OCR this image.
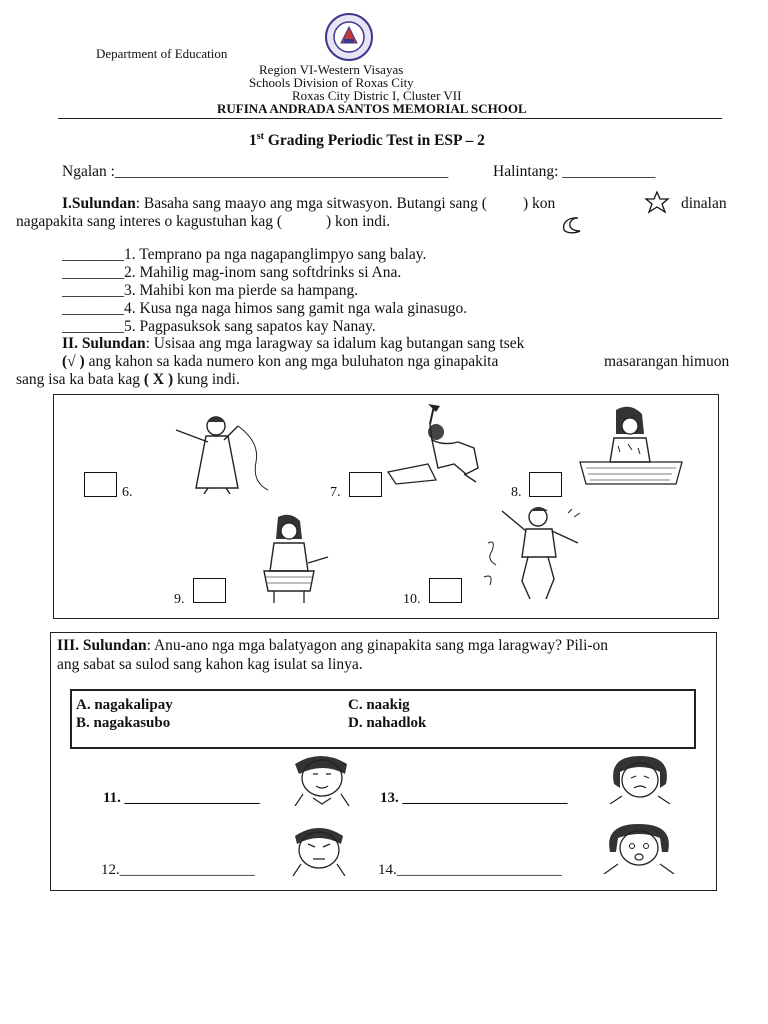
Department of Education
Region VI-Western Visayas
Schools Division of Roxas City
Roxas City Distric I, Cluster VII
RUFINA ANDRADA SANTOS MEMORIAL SCHOOL
1st Grading Periodic Test in ESP – 2
Ngalan :___________________________________________	Halintang: ____________
I.Sulundan: Basaha sang maayo ang mga sitwasyon. Butangi sang ( ) kon	dinalan
nagapakita sang interes o kagustuhan kag (	) kon indi.
________1. Temprano pa nga nagapanglimpyo sang balay.
________2. Mahilig mag-inom sang softdrinks si Ana.
________3. Mahibi kon ma pierde sa hampang.
________4. Kusa nga naga himos sang gamit nga wala ginasugo.
________5. Pagpasuksok sang sapatos kay Nanay.
II. Sulundan: Usisaa ang mga laragway sa idalum kag butangan sang tsek
(√ ) ang kahon sa kada numero kon ang mga buluhaton nga ginapakita	masarangan himuon
sang isa ka bata kag ( X ) kung indi.
6.	7.	8.
9.	10.
III. Sulundan: Anu-ano nga mga balatyagon ang ginapakita sang mga laragway? Pili-on
ang sabat sa sulod sang kahon kag isulat sa linya.
A. nagakalipay
B. nagakasubo
C. naakig
D. nahadlok
11. __________________
12.__________________
13. ______________________
14.______________________
